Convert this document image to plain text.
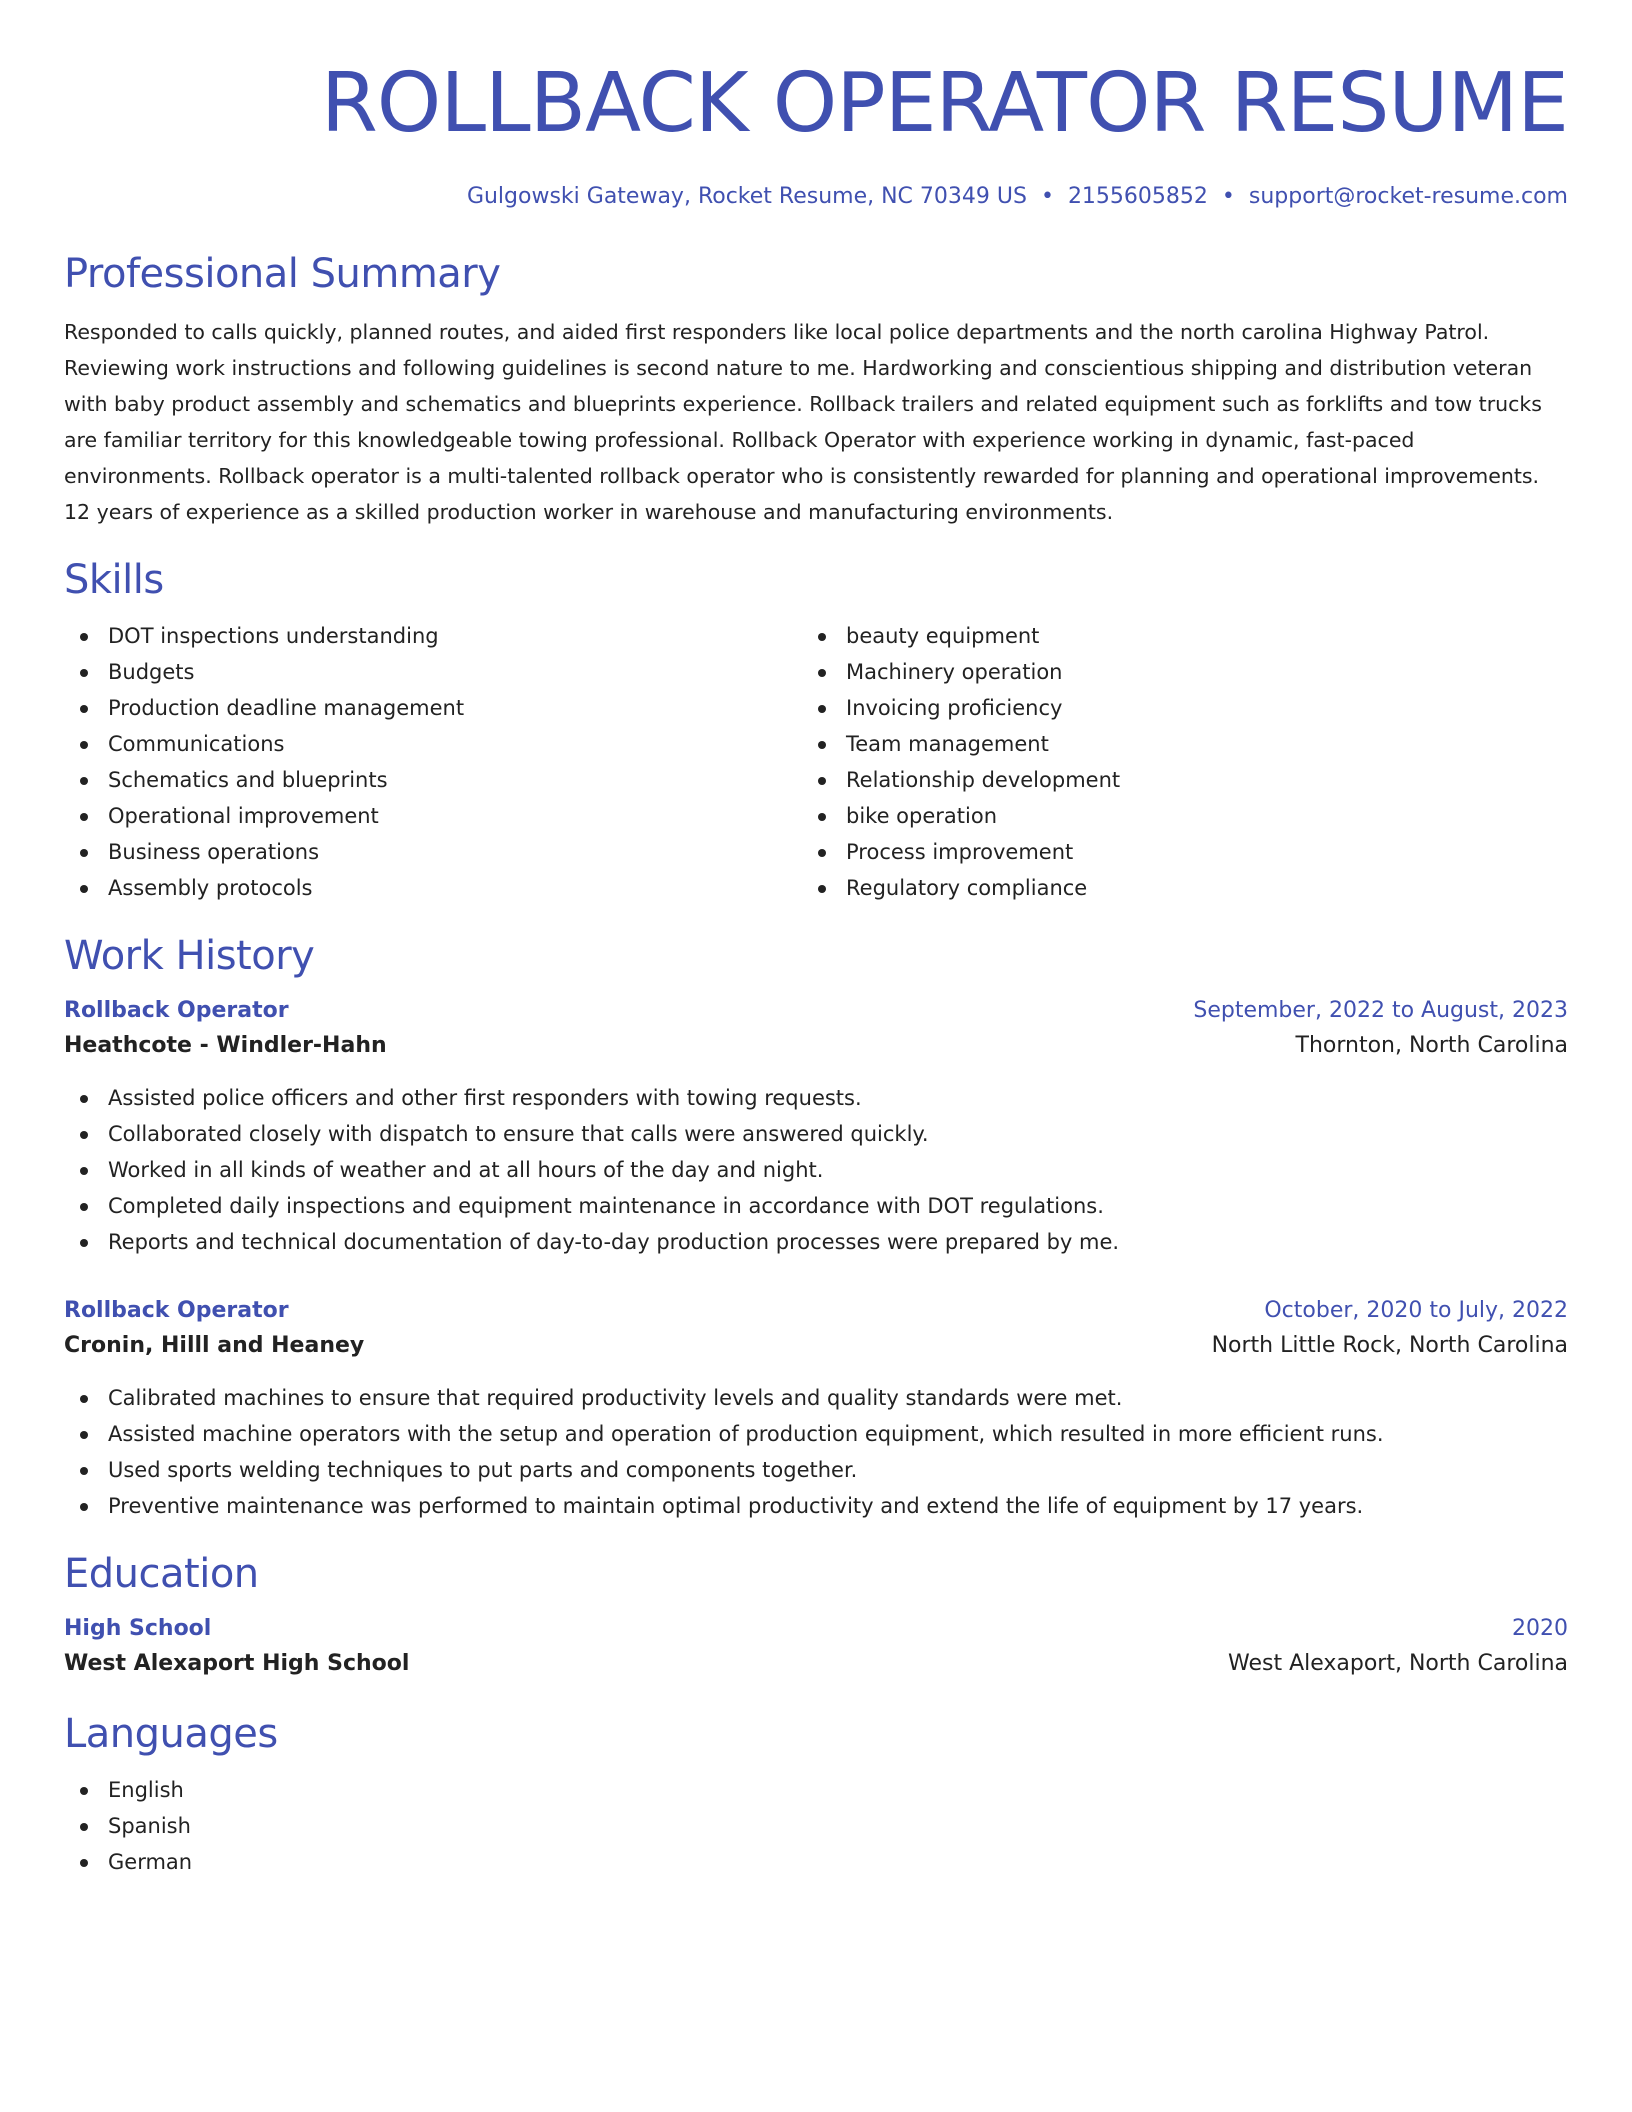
ROLLBACK OPERATOR RESUME
Gulgowski Gateway, Rocket Resume, NC 70349 US • 2155605852 • support@rocket-resume.com
Professional Summary
Responded to calls quickly, planned routes, and aided first responders like local police departments and the north carolina Highway Patrol. Reviewing work instructions and following guidelines is second nature to me. Hardworking and conscientious shipping and distribution veteran with baby product assembly and schematics and blueprints experience. Rollback trailers and related equipment such as forklifts and tow trucks are familiar territory for this knowledgeable towing professional. Rollback Operator with experience working in dynamic, fast-paced environments. Rollback operator is a multi-talented rollback operator who is consistently rewarded for planning and operational improvements. 12 years of experience as a skilled production worker in warehouse and manufacturing environments.
Skills
DOT inspections understanding
Budgets
Production deadline management
Communications
Schematics and blueprints
Operational improvement
Business operations
Assembly protocols
beauty equipment
Machinery operation
Invoicing proficiency
Team management
Relationship development
bike operation
Process improvement
Regulatory compliance
Work History
Rollback Operator	September, 2022 to August, 2023
Heathcote - Windler-Hahn	Thornton, North Carolina
Assisted police officers and other first responders with towing requests.
Collaborated closely with dispatch to ensure that calls were answered quickly.
Worked in all kinds of weather and at all hours of the day and night.
Completed daily inspections and equipment maintenance in accordance with DOT regulations.
Reports and technical documentation of day-to-day production processes were prepared by me.
Rollback Operator	October, 2020 to July, 2022
Cronin, Hilll and Heaney	North Little Rock, North Carolina
Calibrated machines to ensure that required productivity levels and quality standards were met.
Assisted machine operators with the setup and operation of production equipment, which resulted in more efficient runs.
Used sports welding techniques to put parts and components together.
Preventive maintenance was performed to maintain optimal productivity and extend the life of equipment by 17 years.
Education
High School	2020
West Alexaport High School	West Alexaport, North Carolina
Languages
English
Spanish
German
